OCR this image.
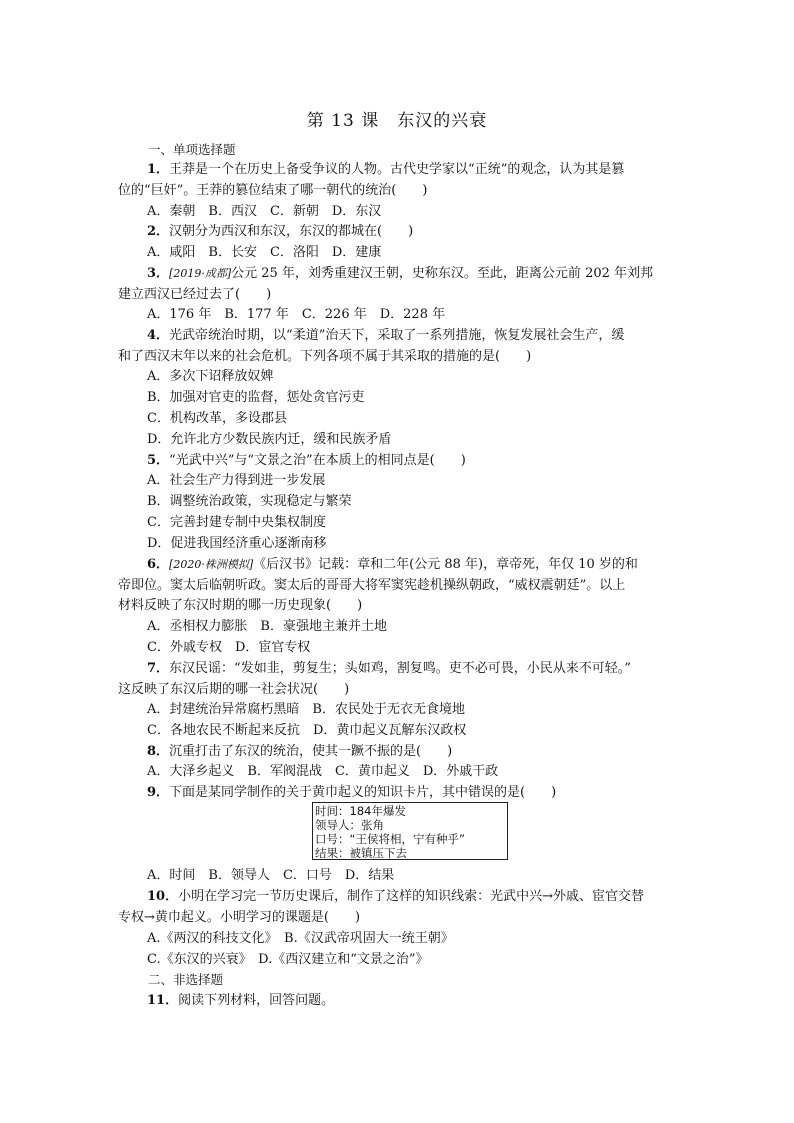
第 13 课　东汉的兴衰
一、单项选择题
1．王莽是一个在历史上备受争议的人物。古代史学家以“正统”的观念，认为其是篡
位的“巨奸”。王莽的篡位结束了哪一朝代的统治(　　)
A．秦朝　B．西汉　C．新朝　D．东汉
2．汉朝分为西汉和东汉，东汉的都城在(　　)
A．咸阳　B．长安　C．洛阳　D．建康
3．[2019·成都]公元 25 年，刘秀重建汉王朝，史称东汉。至此，距离公元前 202 年刘邦
建立西汉已经过去了(　　)
A．176 年　B．177 年　C．226 年　D．228 年
4．光武帝统治时期，以“柔道”治天下，采取了一系列措施，恢复发展社会生产，缓
和了西汉末年以来的社会危机。下列各项不属于其采取的措施的是(　　)
A．多次下诏释放奴婢
B．加强对官吏的监督，惩处贪官污吏
C．机构改革，多设郡县
D．允许北方少数民族内迁，缓和民族矛盾
5．“光武中兴”与“文景之治”在本质上的相同点是(　　)
A．社会生产力得到进一步发展
B．调整统治政策，实现稳定与繁荣
C．完善封建专制中央集权制度
D．促进我国经济重心逐渐南移
6．[2020·株洲模拟]《后汉书》记载：章和二年(公元 88 年)，章帝死，年仅 10 岁的和
帝即位。窦太后临朝听政。窦太后的哥哥大将军窦宪趁机操纵朝政，“威权震朝廷”。以上
材料反映了东汉时期的哪一历史现象(　　)
A．丞相权力膨胀　B．豪强地主兼并土地
C．外戚专权　D．宦官专权
7．东汉民谣：“发如韭，剪复生；头如鸡，割复鸣。吏不必可畏，小民从来不可轻。”
这反映了东汉后期的哪一社会状况(　　)
A．封建统治异常腐朽黑暗　B．农民处于无衣无食境地
C．各地农民不断起来反抗　D．黄巾起义瓦解东汉政权
8．沉重打击了东汉的统治，使其一蹶不振的是(　　)
A．大泽乡起义　B．军阀混战　C．黄巾起义　D．外戚干政
9．下面是某同学制作的关于黄巾起义的知识卡片，其中错误的是(　　)
时间：184年爆发
领导人：张角
口号：“王侯将相，宁有种乎”
结果：被镇压下去
A．时间　B．领导人　C．口号　D．结果
10．小明在学习完一节历史课后，制作了这样的知识线索：光武中兴→外戚、宦官交替
专权→黄巾起义。小明学习的课题是(　　)
A.《两汉的科技文化》　B.《汉武帝巩固大一统王朝》
C.《东汉的兴衰》　D.《西汉建立和“文景之治”》
二、非选择题
11．阅读下列材料，回答问题。
